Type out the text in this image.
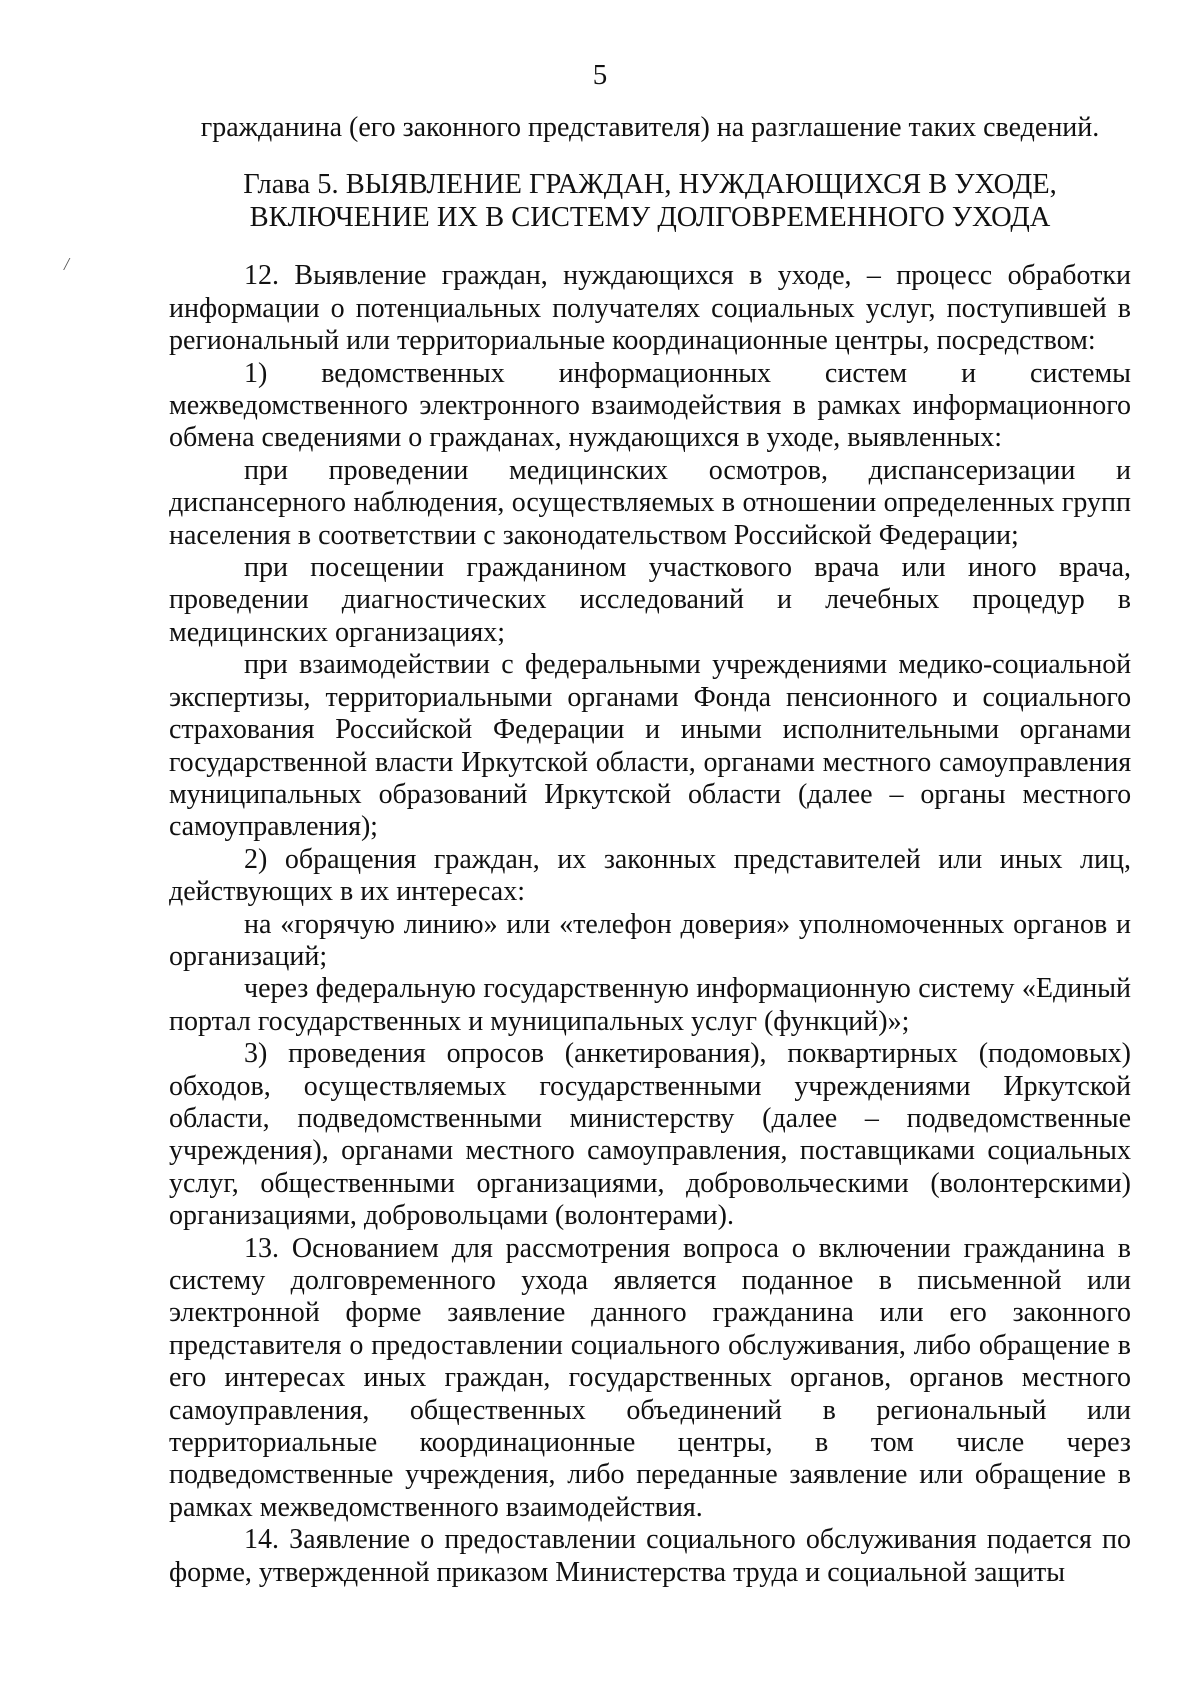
5
/

гражданина (его законного представителя) на разглашение таких сведений.

Глава 5. ВЫЯВЛЕНИЕ ГРАЖДАН, НУЖДАЮЩИХСЯ В УХОДЕ,
ВКЛЮЧЕНИЕ ИХ В СИСТЕМУ ДОЛГОВРЕМЕННОГО УХОДА

12. Выявление граждан, нуждающихся в уходе, – процесс обработки информации о потенциальных получателях социальных услуг, поступившей в региональный или территориальные координационные центры, посредством:

1) ведомственных информационных систем и системы межведомственного электронного взаимодействия в рамках информационного обмена сведениями о гражданах, нуждающихся в уходе, выявленных:

при проведении медицинских осмотров, диспансеризации и диспансерного наблюдения, осуществляемых в отношении определенных групп населения в соответствии с законодательством Российской Федерации;

при посещении гражданином участкового врача или иного врача, проведении диагностических исследований и лечебных процедур в медицинских организациях;

при взаимодействии с федеральными учреждениями медико-социальной экспертизы, территориальными органами Фонда пенсионного и социального страхования Российской Федерации и иными исполнительными органами государственной власти Иркутской области, органами местного самоуправления муниципальных образований Иркутской области (далее – органы местного самоуправления);

2) обращения граждан, их законных представителей или иных лиц, действующих в их интересах:

на «горячую линию» или «телефон доверия» уполномоченных органов и организаций;

через федеральную государственную информационную систему «Единый портал государственных и муниципальных услуг (функций)»;

3) проведения опросов (анкетирования), поквартирных (подомовых) обходов, осуществляемых государственными учреждениями Иркутской области, подведомственными министерству (далее – подведомственные учреждения), органами местного самоуправления, поставщиками социальных услуг, общественными организациями, добровольческими (волонтерскими) организациями, добровольцами (волонтерами).

13. Основанием для рассмотрения вопроса о включении гражданина в систему долговременного ухода является поданное в письменной или электронной форме заявление данного гражданина или его законного представителя о предоставлении социального обслуживания, либо обращение в его интересах иных граждан, государственных органов, органов местного самоуправления, общественных объединений в региональный или территориальные координационные центры, в том числе через подведомственные учреждения, либо переданные заявление или обращение в рамках межведомственного взаимодействия.

14. Заявление о предоставлении социального обслуживания подается по форме, утвержденной приказом Министерства труда и социальной защиты
